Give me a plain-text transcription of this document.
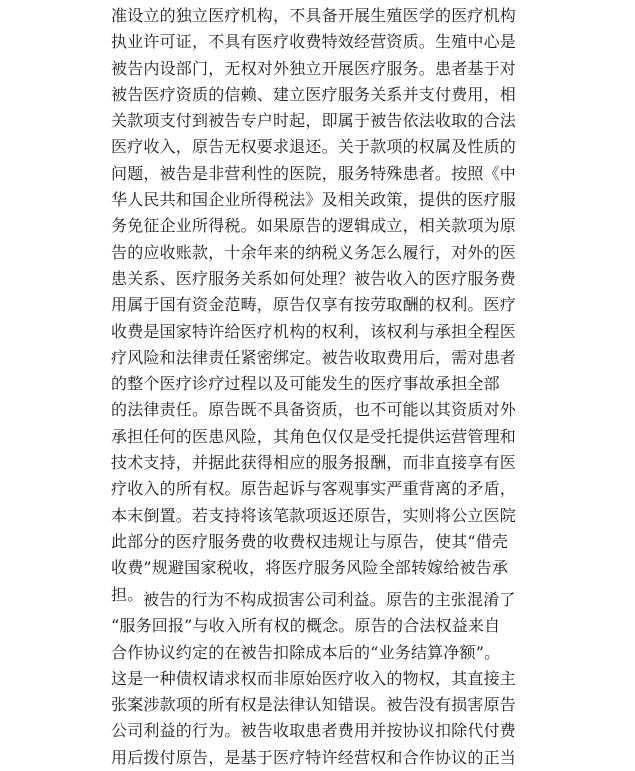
准设立的独立医疗机构，不具备开展生殖医学的医疗机构
执业许可证，不具有医疗收费特效经营资质。生殖中心是
被告内设部门，无权对外独立开展医疗服务。患者基于对
被告医疗资质的信赖、建立医疗服务关系并支付费用，相
关款项支付到被告专户时起，即属于被告依法收取的合法
医疗收入，原告无权要求退还。关于款项的权属及性质的
问题，被告是非营利性的医院，服务特殊患者。按照《中
华人民共和国企业所得税法》及相关政策，提供的医疗服
务免征企业所得税。如果原告的逻辑成立，相关款项为原
告的应收账款，十余年来的纳税义务怎么履行，对外的医
患关系、医疗服务关系如何处理？被告收入的医疗服务费
用属于国有资金范畴，原告仅享有按劳取酬的权利。医疗
收费是国家特许给医疗机构的权利，该权利与承担全程医
疗风险和法律责任紧密绑定。被告收取费用后，需对患者
的整个医疗诊疗过程以及可能发生的医疗事故承担全部
的法律责任。原告既不具备资质，也不可能以其资质对外
承担任何的医患风险，其角色仅仅是受托提供运营管理和
技术支持，并据此获得相应的服务报酬，而非直接享有医
疗收入的所有权。原告起诉与客观事实严重背离的矛盾，
本末倒置。若支持将该笔款项返还原告，实则将公立医院
此部分的医疗服务费的收费权违规让与原告，使其“借壳
收费”规避国家税收，将医疗服务风险全部转嫁给被告承
担。 被告的行为不构成损害公司利益。原告的主张混淆了
“服务回报”与收入所有权的概念。原告的合法权益来自
合作协议约定的在被告扣除成本后的“业务结算净额”。
这是一种债权请求权而非原始医疗收入的物权，其直接主
张案涉款项的所有权是法律认知错误。被告没有损害原告
公司利益的行为。被告收取患者费用并按协议扣除代付费
用后拨付原告，是基于医疗特许经营权和合作协议的正当
